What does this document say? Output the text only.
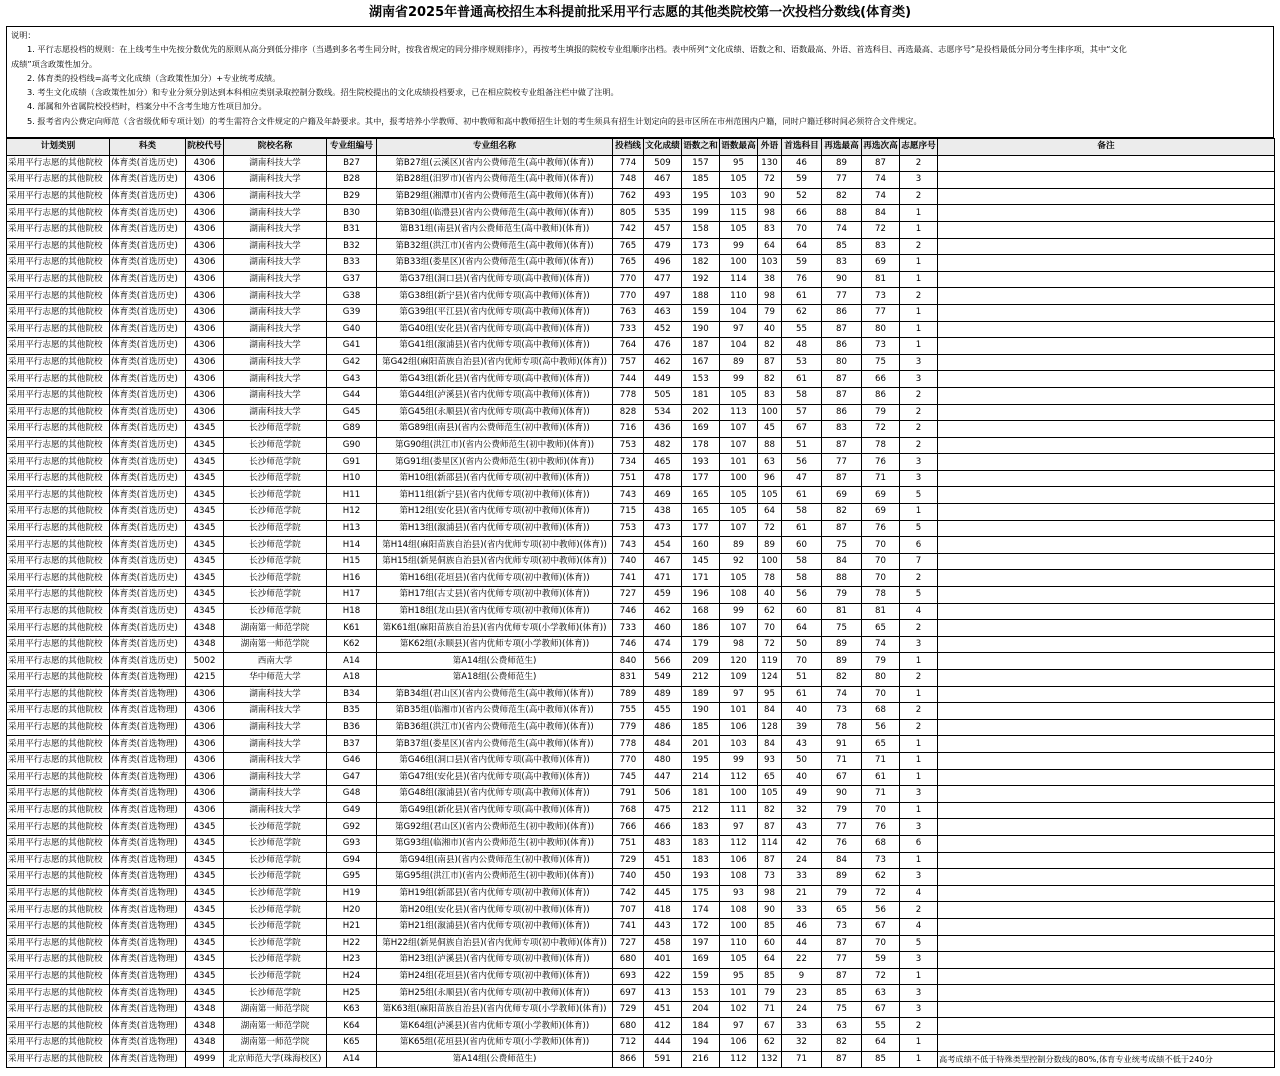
湖南省2025年普通高校招生本科提前批采用平行志愿的其他类院校第一次投档分数线(体育类)
说明：
1. 平行志愿投档的规则：在上线考生中先按分数优先的原则从高分到低分排序（当遇到多名考生同分时，按我省规定的同分排序规则排序），再按考生填报的院校专业组顺序出档。表中所列“文化成绩、语数之和、语数最高、外语、首选科目、再选最高、志愿序号”是投档最低分同分考生排序项，其中“文化
成绩”项含政策性加分。
2. 体育类的投档线=高考文化成绩（含政策性加分）+专业统考成绩。
3. 考生文化成绩（含政策性加分）和专业分须分别达到本科相应类别录取控制分数线。招生院校提出的文化成绩投档要求，已在相应院校专业组备注栏中做了注明。
4. 部属和外省属院校投档时，档案分中不含考生地方性项目加分。
5. 报考省内公费定向师范（含省级优师专项计划）的考生需符合文件规定的户籍及年龄要求。其中，报考培养小学教师、初中教师和高中教师招生计划的考生须具有招生计划定向的县市区所在市州范围内户籍，同时户籍迁移时间必须符合文件规定。
计划类别	科类	院校代号	院校名称	专业组编号	专业组名称	投档线	文化成绩	语数之和	语数最高	外语	首选科目	再选最高	再选次高	志愿序号	备注
采用平行志愿的其他院校	体育类(首选历史)	4306	湖南科技大学	B27	第B27组(云溪区)(省内公费师范生(高中教师)(体育))	774	509	157	95	130	46	89	87	2	
采用平行志愿的其他院校	体育类(首选历史)	4306	湖南科技大学	B28	第B28组(汨罗市)(省内公费师范生(高中教师)(体育))	748	467	185	105	72	59	77	74	3	
采用平行志愿的其他院校	体育类(首选历史)	4306	湖南科技大学	B29	第B29组(湘潭市)(省内公费师范生(高中教师)(体育))	762	493	195	103	90	52	82	74	2	
采用平行志愿的其他院校	体育类(首选历史)	4306	湖南科技大学	B30	第B30组(临澧县)(省内公费师范生(高中教师)(体育))	805	535	199	115	98	66	88	84	1	
采用平行志愿的其他院校	体育类(首选历史)	4306	湖南科技大学	B31	第B31组(南县)(省内公费师范生(高中教师)(体育))	742	457	158	105	83	70	74	72	1	
采用平行志愿的其他院校	体育类(首选历史)	4306	湖南科技大学	B32	第B32组(洪江市)(省内公费师范生(高中教师)(体育))	765	479	173	99	64	64	85	83	2	
采用平行志愿的其他院校	体育类(首选历史)	4306	湖南科技大学	B33	第B33组(娄星区)(省内公费师范生(高中教师)(体育))	765	496	182	100	103	59	83	69	1	
采用平行志愿的其他院校	体育类(首选历史)	4306	湖南科技大学	G37	第G37组(洞口县)(省内优师专项(高中教师)(体育))	770	477	192	114	38	76	90	81	1	
采用平行志愿的其他院校	体育类(首选历史)	4306	湖南科技大学	G38	第G38组(新宁县)(省内优师专项(高中教师)(体育))	770	497	188	110	98	61	77	73	2	
采用平行志愿的其他院校	体育类(首选历史)	4306	湖南科技大学	G39	第G39组(平江县)(省内优师专项(高中教师)(体育))	763	463	159	104	79	62	86	77	1	
采用平行志愿的其他院校	体育类(首选历史)	4306	湖南科技大学	G40	第G40组(安化县)(省内优师专项(高中教师)(体育))	733	452	190	97	40	55	87	80	1	
采用平行志愿的其他院校	体育类(首选历史)	4306	湖南科技大学	G41	第G41组(溆浦县)(省内优师专项(高中教师)(体育))	764	476	187	104	82	48	86	73	1	
采用平行志愿的其他院校	体育类(首选历史)	4306	湖南科技大学	G42	第G42组(麻阳苗族自治县)(省内优师专项(高中教师)(体育))	757	462	167	89	87	53	80	75	3	
采用平行志愿的其他院校	体育类(首选历史)	4306	湖南科技大学	G43	第G43组(新化县)(省内优师专项(高中教师)(体育))	744	449	153	99	82	61	87	66	3	
采用平行志愿的其他院校	体育类(首选历史)	4306	湖南科技大学	G44	第G44组(泸溪县)(省内优师专项(高中教师)(体育))	778	505	181	105	83	58	87	86	2	
采用平行志愿的其他院校	体育类(首选历史)	4306	湖南科技大学	G45	第G45组(永顺县)(省内优师专项(高中教师)(体育))	828	534	202	113	100	57	86	79	2	
采用平行志愿的其他院校	体育类(首选历史)	4345	长沙师范学院	G89	第G89组(南县)(省内公费师范生(初中教师)(体育))	716	436	169	107	45	67	83	72	2	
采用平行志愿的其他院校	体育类(首选历史)	4345	长沙师范学院	G90	第G90组(洪江市)(省内公费师范生(初中教师)(体育))	753	482	178	107	88	51	87	78	2	
采用平行志愿的其他院校	体育类(首选历史)	4345	长沙师范学院	G91	第G91组(娄星区)(省内公费师范生(初中教师)(体育))	734	465	193	101	63	56	77	76	3	
采用平行志愿的其他院校	体育类(首选历史)	4345	长沙师范学院	H10	第H10组(新邵县)(省内优师专项(初中教师)(体育))	751	478	177	100	96	47	87	71	3	
采用平行志愿的其他院校	体育类(首选历史)	4345	长沙师范学院	H11	第H11组(新宁县)(省内优师专项(初中教师)(体育))	743	469	165	105	105	61	69	69	5	
采用平行志愿的其他院校	体育类(首选历史)	4345	长沙师范学院	H12	第H12组(安化县)(省内优师专项(初中教师)(体育))	715	438	165	105	64	58	82	69	1	
采用平行志愿的其他院校	体育类(首选历史)	4345	长沙师范学院	H13	第H13组(溆浦县)(省内优师专项(初中教师)(体育))	753	473	177	107	72	61	87	76	5	
采用平行志愿的其他院校	体育类(首选历史)	4345	长沙师范学院	H14	第H14组(麻阳苗族自治县)(省内优师专项(初中教师)(体育))	743	454	160	89	89	60	75	70	6	
采用平行志愿的其他院校	体育类(首选历史)	4345	长沙师范学院	H15	第H15组(新晃侗族自治县)(省内优师专项(初中教师)(体育))	740	467	145	92	100	58	84	70	7	
采用平行志愿的其他院校	体育类(首选历史)	4345	长沙师范学院	H16	第H16组(花垣县)(省内优师专项(初中教师)(体育))	741	471	171	105	78	58	88	70	2	
采用平行志愿的其他院校	体育类(首选历史)	4345	长沙师范学院	H17	第H17组(古丈县)(省内优师专项(初中教师)(体育))	727	459	196	108	40	56	79	78	5	
采用平行志愿的其他院校	体育类(首选历史)	4345	长沙师范学院	H18	第H18组(龙山县)(省内优师专项(初中教师)(体育))	746	462	168	99	62	60	81	81	4	
采用平行志愿的其他院校	体育类(首选历史)	4348	湖南第一师范学院	K61	第K61组(麻阳苗族自治县)(省内优师专项(小学教师)(体育))	733	460	186	107	70	64	75	65	2	
采用平行志愿的其他院校	体育类(首选历史)	4348	湖南第一师范学院	K62	第K62组(永顺县)(省内优师专项(小学教师)(体育))	746	474	179	98	72	50	89	74	3	
采用平行志愿的其他院校	体育类(首选历史)	5002	西南大学	A14	第A14组(公费师范生)	840	566	209	120	119	70	89	79	1	
采用平行志愿的其他院校	体育类(首选物理)	4215	华中师范大学	A18	第A18组(公费师范生)	831	549	212	109	124	51	82	80	2	
采用平行志愿的其他院校	体育类(首选物理)	4306	湖南科技大学	B34	第B34组(君山区)(省内公费师范生(高中教师)(体育))	789	489	189	97	95	61	74	70	1	
采用平行志愿的其他院校	体育类(首选物理)	4306	湖南科技大学	B35	第B35组(临湘市)(省内公费师范生(高中教师)(体育))	755	455	190	101	84	40	73	68	2	
采用平行志愿的其他院校	体育类(首选物理)	4306	湖南科技大学	B36	第B36组(洪江市)(省内公费师范生(高中教师)(体育))	779	486	185	106	128	39	78	56	2	
采用平行志愿的其他院校	体育类(首选物理)	4306	湖南科技大学	B37	第B37组(娄星区)(省内公费师范生(高中教师)(体育))	778	484	201	103	84	43	91	65	1	
采用平行志愿的其他院校	体育类(首选物理)	4306	湖南科技大学	G46	第G46组(洞口县)(省内优师专项(高中教师)(体育))	770	480	195	99	93	50	71	71	1	
采用平行志愿的其他院校	体育类(首选物理)	4306	湖南科技大学	G47	第G47组(安化县)(省内优师专项(高中教师)(体育))	745	447	214	112	65	40	67	61	1	
采用平行志愿的其他院校	体育类(首选物理)	4306	湖南科技大学	G48	第G48组(溆浦县)(省内优师专项(高中教师)(体育))	791	506	181	100	105	49	90	71	3	
采用平行志愿的其他院校	体育类(首选物理)	4306	湖南科技大学	G49	第G49组(新化县)(省内优师专项(高中教师)(体育))	768	475	212	111	82	32	79	70	1	
采用平行志愿的其他院校	体育类(首选物理)	4345	长沙师范学院	G92	第G92组(君山区)(省内公费师范生(初中教师)(体育))	766	466	183	97	87	43	77	76	3	
采用平行志愿的其他院校	体育类(首选物理)	4345	长沙师范学院	G93	第G93组(临湘市)(省内公费师范生(初中教师)(体育))	751	483	183	112	114	42	76	68	6	
采用平行志愿的其他院校	体育类(首选物理)	4345	长沙师范学院	G94	第G94组(南县)(省内公费师范生(初中教师)(体育))	729	451	183	106	87	24	84	73	1	
采用平行志愿的其他院校	体育类(首选物理)	4345	长沙师范学院	G95	第G95组(洪江市)(省内公费师范生(初中教师)(体育))	740	450	193	108	73	33	89	62	3	
采用平行志愿的其他院校	体育类(首选物理)	4345	长沙师范学院	H19	第H19组(新邵县)(省内优师专项(初中教师)(体育))	742	445	175	93	98	21	79	72	4	
采用平行志愿的其他院校	体育类(首选物理)	4345	长沙师范学院	H20	第H20组(安化县)(省内优师专项(初中教师)(体育))	707	418	174	108	90	33	65	56	2	
采用平行志愿的其他院校	体育类(首选物理)	4345	长沙师范学院	H21	第H21组(溆浦县)(省内优师专项(初中教师)(体育))	741	443	172	100	85	46	73	67	4	
采用平行志愿的其他院校	体育类(首选物理)	4345	长沙师范学院	H22	第H22组(新晃侗族自治县)(省内优师专项(初中教师)(体育))	727	458	197	110	60	44	87	70	5	
采用平行志愿的其他院校	体育类(首选物理)	4345	长沙师范学院	H23	第H23组(泸溪县)(省内优师专项(初中教师)(体育))	680	401	169	105	64	22	77	59	3	
采用平行志愿的其他院校	体育类(首选物理)	4345	长沙师范学院	H24	第H24组(花垣县)(省内优师专项(初中教师)(体育))	693	422	159	95	85	9	87	72	1	
采用平行志愿的其他院校	体育类(首选物理)	4345	长沙师范学院	H25	第H25组(永顺县)(省内优师专项(初中教师)(体育))	697	413	153	101	79	23	85	63	3	
采用平行志愿的其他院校	体育类(首选物理)	4348	湖南第一师范学院	K63	第K63组(麻阳苗族自治县)(省内优师专项(小学教师)(体育))	729	451	204	102	71	24	75	67	3	
采用平行志愿的其他院校	体育类(首选物理)	4348	湖南第一师范学院	K64	第K64组(泸溪县)(省内优师专项(小学教师)(体育))	680	412	184	97	67	33	63	55	2	
采用平行志愿的其他院校	体育类(首选物理)	4348	湖南第一师范学院	K65	第K65组(花垣县)(省内优师专项(小学教师)(体育))	712	444	194	106	62	32	82	64	1	
采用平行志愿的其他院校	体育类(首选物理)	4999	北京师范大学(珠海校区)	A14	第A14组(公费师范生)	866	591	216	112	132	71	87	85	1	高考成绩不低于特殊类型控制分数线的80%,体育专业统考成绩不低于240分
